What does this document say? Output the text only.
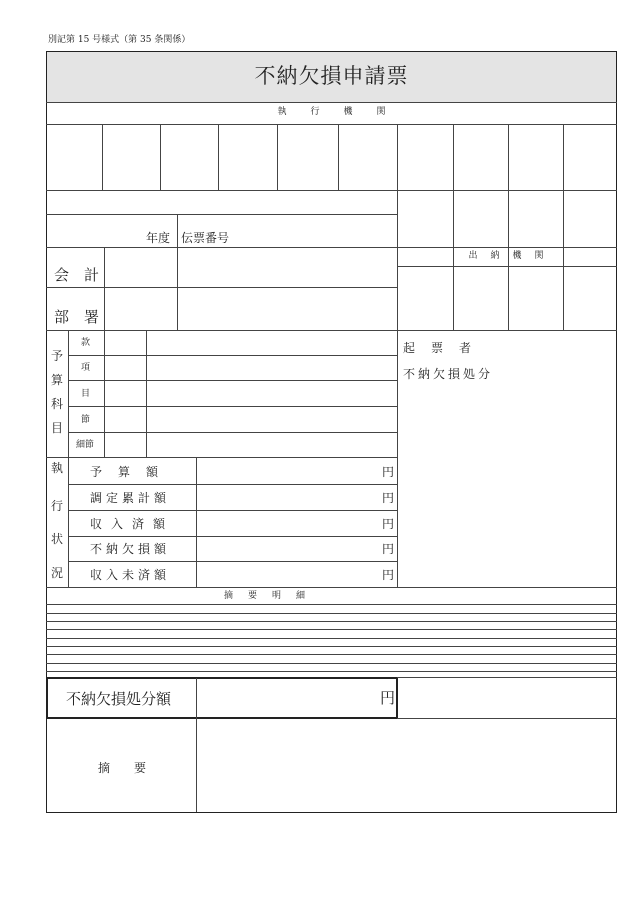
別記第 15 号様式（第 35 条関係）
不納欠損申請票
執　　行　　機　　関
年度 伝票番号
出　納　機　関
会　計
部　署
予
算
科
目
款
項
目
節
細節
起　票　者
不納欠損処分
執
行
状
況
予　算　額
調定累計額
収入済額
不納欠損額
収入未済額
円
円
円
円
円
摘　要　明　細
不納欠損処分額	円
摘　要
